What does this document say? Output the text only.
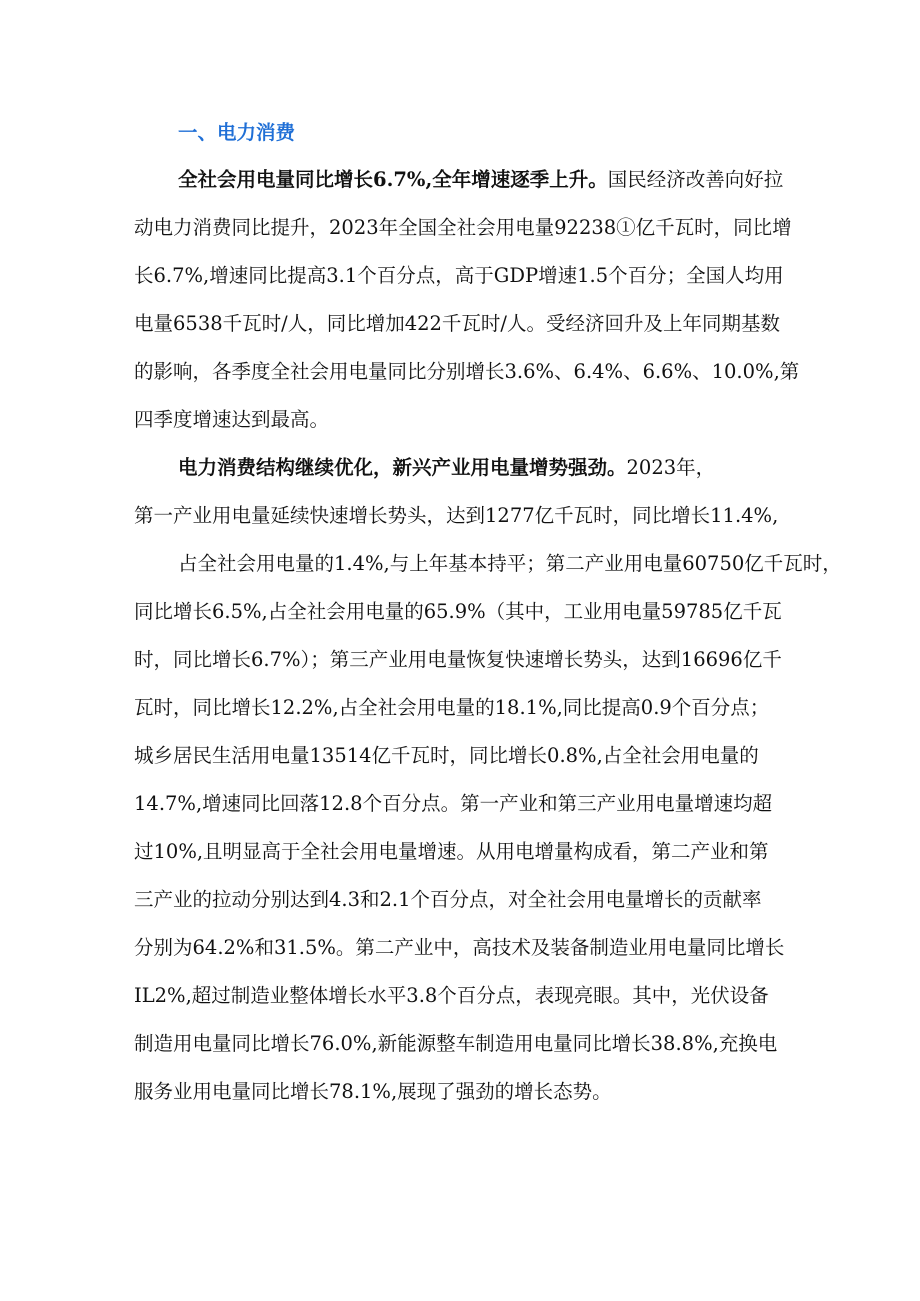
一、电力消费
全社会用电量同比增长6.7%,全年增速逐季上升。国民经济改善向好拉
动电力消费同比提升，2023年全国全社会用电量92238①亿千瓦时，同比增
长6.7%,增速同比提高3.1个百分点，高于GDP增速1.5个百分；全国人均用
电量6538千瓦时/人，同比增加422千瓦时/人。受经济回升及上年同期基数
的影响，各季度全社会用电量同比分别增长3.6%、6.4%、6.6%、10.0%,第
四季度增速达到最高。
电力消费结构继续优化，新兴产业用电量增势强劲。2023年，
第一产业用电量延续快速增长势头，达到1277亿千瓦时，同比增长11.4%,
占全社会用电量的1.4%,与上年基本持平；第二产业用电量60750亿千瓦时，
同比增长6.5%,占全社会用电量的65.9%（其中，工业用电量59785亿千瓦
时，同比增长6.7%）；第三产业用电量恢复快速增长势头，达到16696亿千
瓦时，同比增长12.2%,占全社会用电量的18.1%,同比提高0.9个百分点；
城乡居民生活用电量13514亿千瓦时，同比增长0.8%,占全社会用电量的
14.7%,增速同比回落12.8个百分点。第一产业和第三产业用电量增速均超
过10%,且明显高于全社会用电量增速。从用电增量构成看，第二产业和第
三产业的拉动分别达到4.3和2.1个百分点，对全社会用电量增长的贡献率
分别为64.2%和31.5%。第二产业中，高技术及装备制造业用电量同比增长
IL2%,超过制造业整体增长水平3.8个百分点，表现亮眼。其中，光伏设备
制造用电量同比增长76.0%,新能源整车制造用电量同比增长38.8%,充换电
服务业用电量同比增长78.1%,展现了强劲的增长态势。
